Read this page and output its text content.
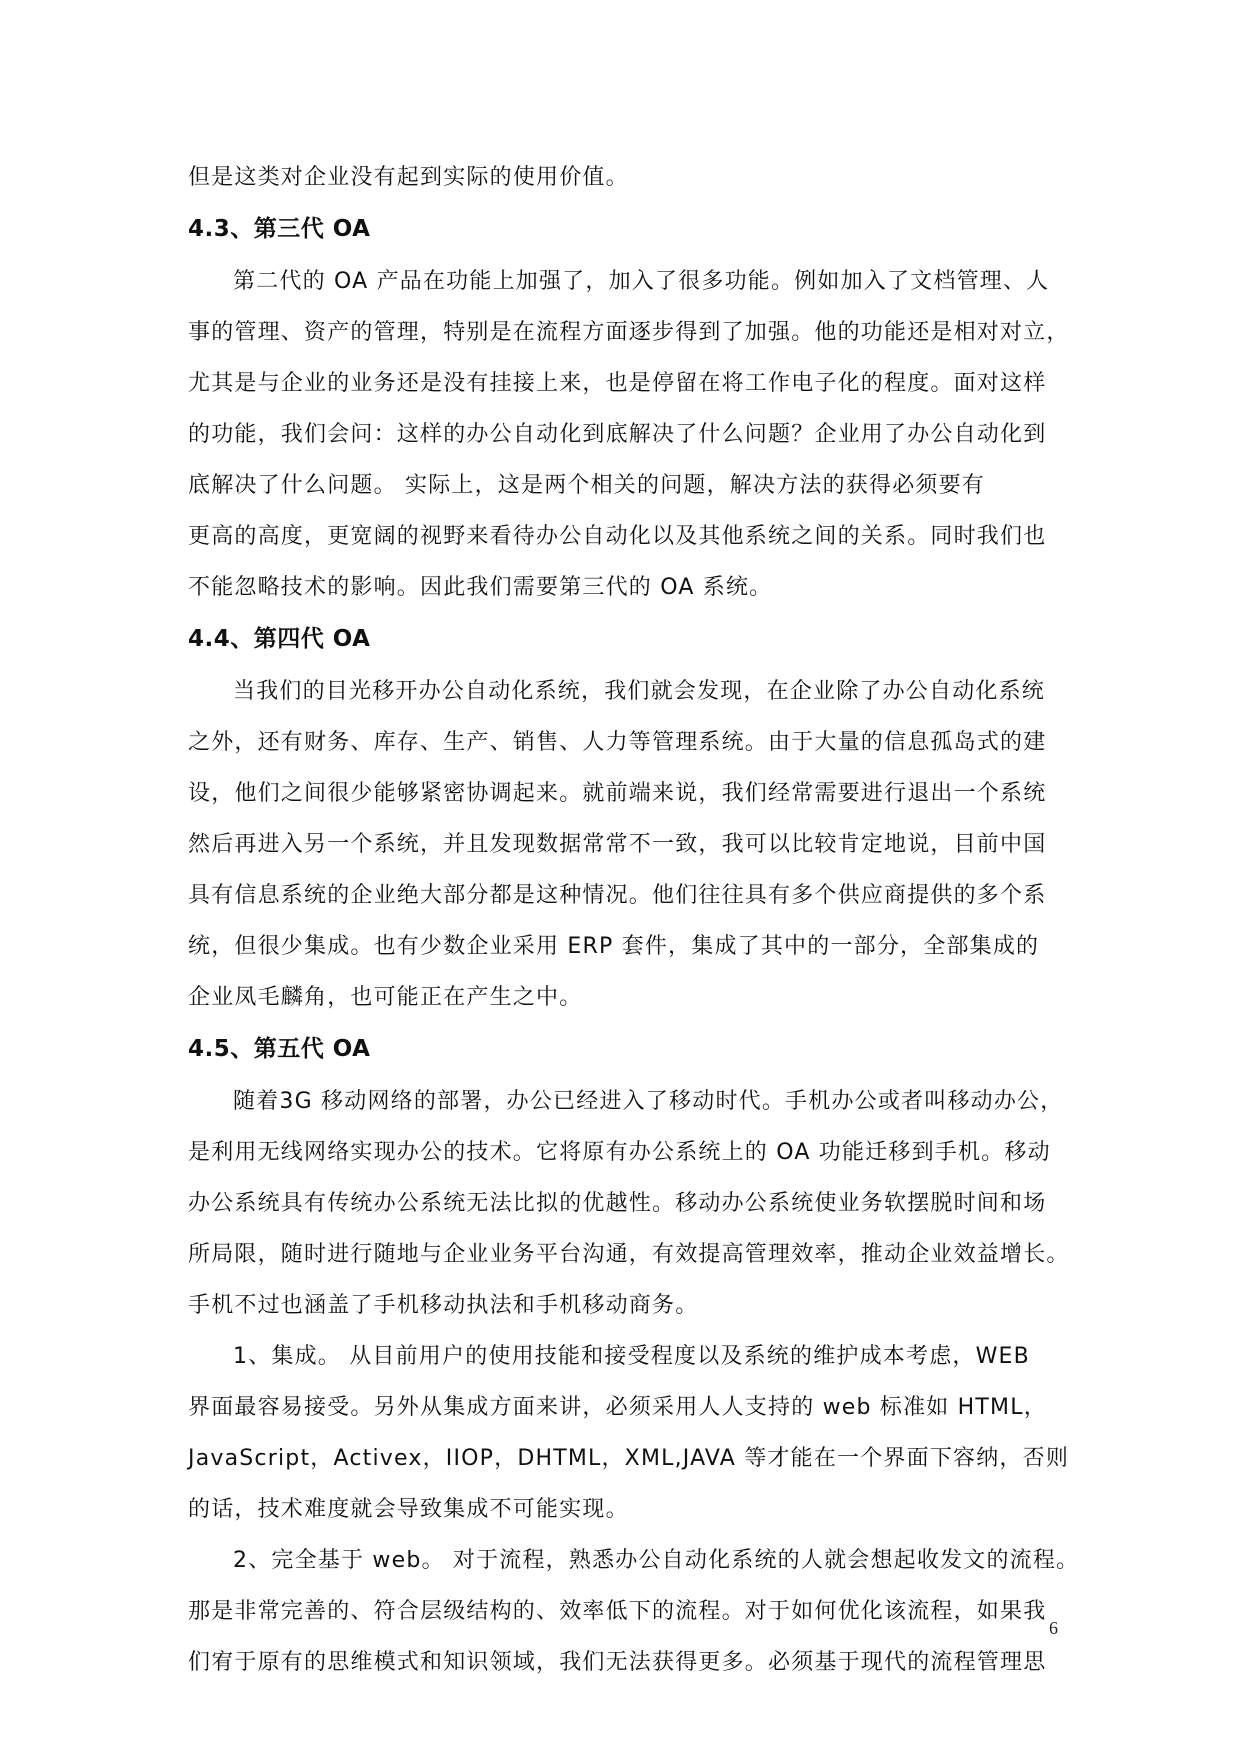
但是这类对企业没有起到实际的使用价值。
4.3、第三代 OA
第二代的 OA 产品在功能上加强了，加入了很多功能。例如加入了文档管理、人
事的管理、资产的管理，特别是在流程方面逐步得到了加强。他的功能还是相对对立，
尤其是与企业的业务还是没有挂接上来，也是停留在将工作电子化的程度。面对这样
的功能，我们会问：这样的办公自动化到底解决了什么问题？企业用了办公自动化到
底解决了什么问题。 实际上，这是两个相关的问题，解决方法的获得必须要有
更高的高度，更宽阔的视野来看待办公自动化以及其他系统之间的关系。同时我们也
不能忽略技术的影响。因此我们需要第三代的 OA 系统。
4.4、第四代 OA
当我们的目光移开办公自动化系统，我们就会发现，在企业除了办公自动化系统
之外，还有财务、库存、生产、销售、人力等管理系统。由于大量的信息孤岛式的建
设，他们之间很少能够紧密协调起来。就前端来说，我们经常需要进行退出一个系统
然后再进入另一个系统，并且发现数据常常不一致，我可以比较肯定地说，目前中国
具有信息系统的企业绝大部分都是这种情况。他们往往具有多个供应商提供的多个系
统，但很少集成。也有少数企业采用 ERP 套件，集成了其中的一部分，全部集成的
企业凤毛麟角，也可能正在产生之中。
4.5、第五代 OA
随着3G 移动网络的部署，办公已经进入了移动时代。手机办公或者叫移动办公，
是利用无线网络实现办公的技术。它将原有办公系统上的 OA 功能迁移到手机。移动
办公系统具有传统办公系统无法比拟的优越性。移动办公系统使业务软摆脱时间和场
所局限，随时进行随地与企业业务平台沟通，有效提高管理效率，推动企业效益增长。
手机不过也涵盖了手机移动执法和手机移动商务。
1、集成。 从目前用户的使用技能和接受程度以及系统的维护成本考虑，WEB
界面最容易接受。另外从集成方面来讲，必须采用人人支持的 web 标准如 HTML，
JavaScript，Activex，IIOP，DHTML，XML,JAVA 等才能在一个界面下容纳，否则
的话，技术难度就会导致集成不可能实现。
2、完全基于 web。 对于流程，熟悉办公自动化系统的人就会想起收发文的流程。
那是非常完善的、符合层级结构的、效率低下的流程。对于如何优化该流程，如果我
们宥于原有的思维模式和知识领域，我们无法获得更多。必须基于现代的流程管理思
6
